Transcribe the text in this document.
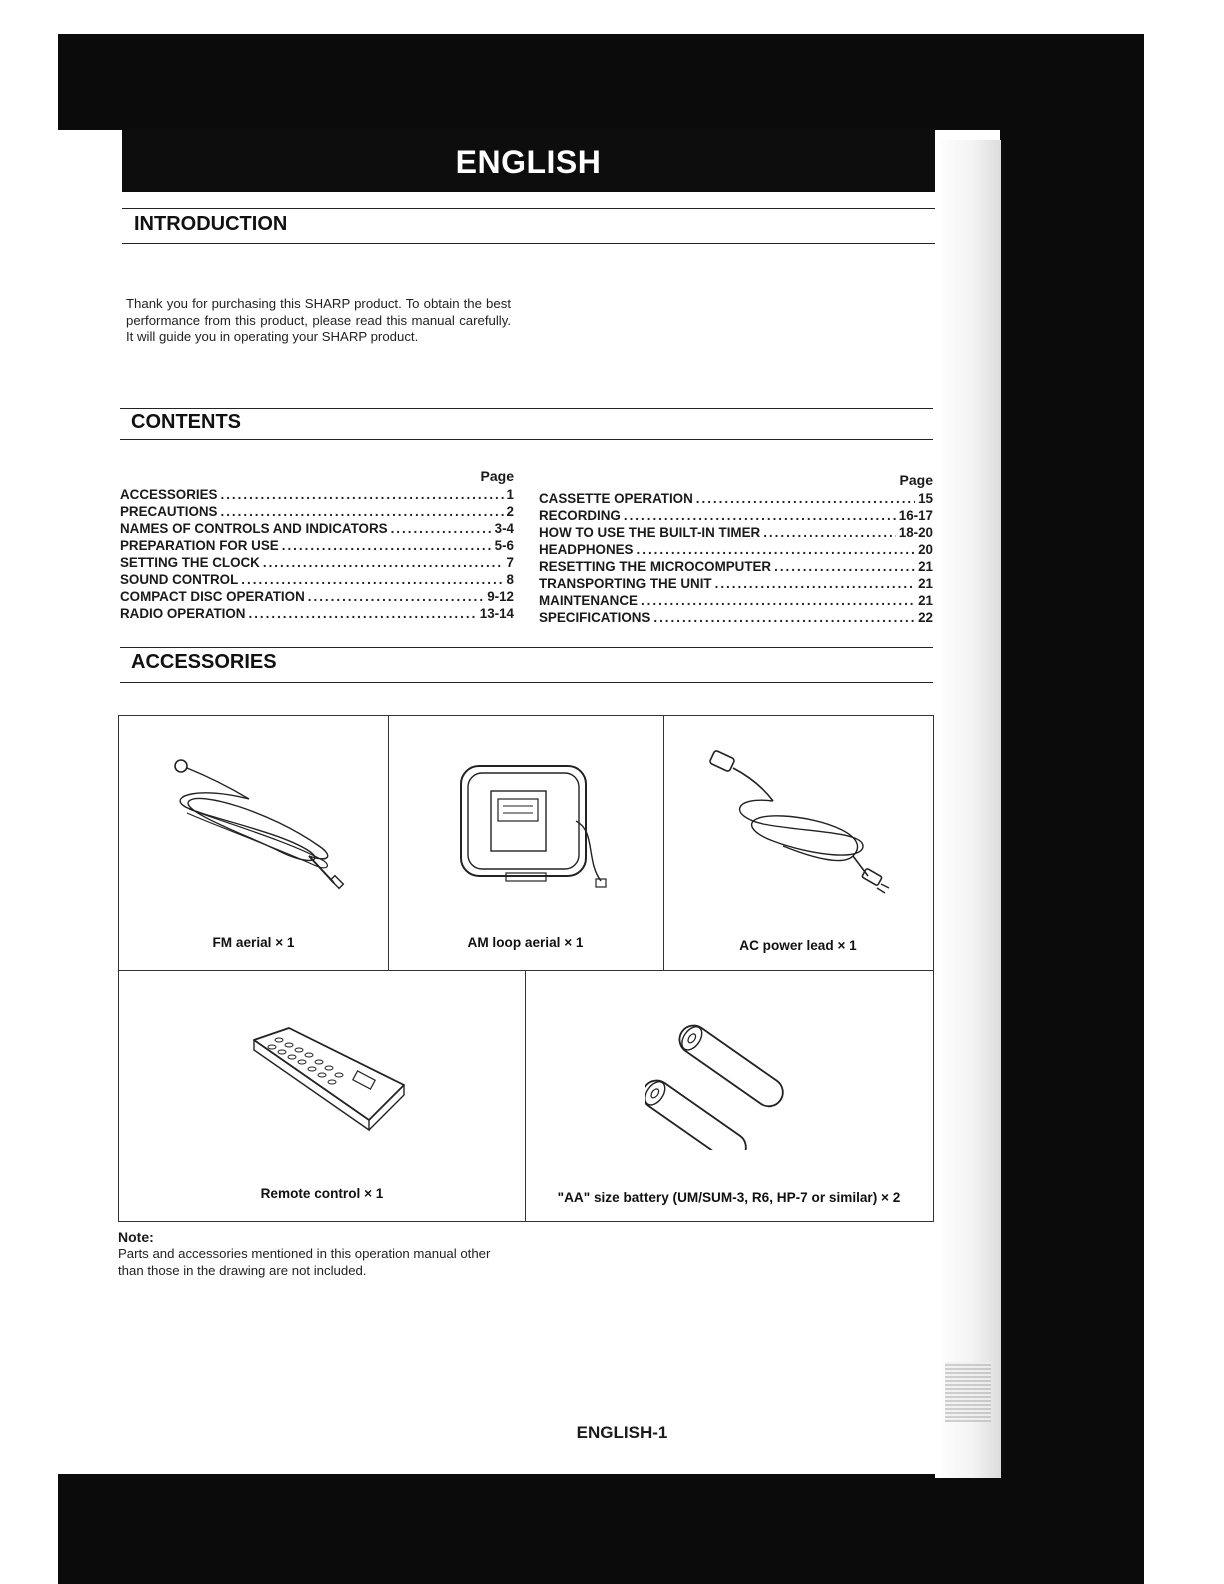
ENGLISH
INTRODUCTION

Thank you for purchasing this SHARP product. To obtain the best performance from this product, please read this manual carefully. It will guide you in operating your SHARP product.

CONTENTS
Page
ACCESSORIES .....	1
PRECAUTIONS .....	2
NAMES OF CONTROLS AND INDICATORS .....	3-4
PREPARATION FOR USE .....	5-6
SETTING THE CLOCK .....	7
SOUND CONTROL .....	8
COMPACT DISC OPERATION .....	9-12
RADIO OPERATION .....	13-14
Page
CASSETTE OPERATION .....	15
RECORDING .....	16-17
HOW TO USE THE BUILT-IN TIMER .....	18-20
HEADPHONES .....	20
RESETTING THE MICROCOMPUTER .....	21
TRANSPORTING THE UNIT .....	21
MAINTENANCE .....	21
SPECIFICATIONS .....	22
ACCESSORIES
FM aerial × 1	AM loop aerial × 1	AC power lead × 1
Remote control × 1	"AA" size battery (UM/SUM-3, R6, HP-7 or similar) × 2

Note:

Parts and accessories mentioned in this operation manual other than those in the drawing are not included.

ENGLISH-1
